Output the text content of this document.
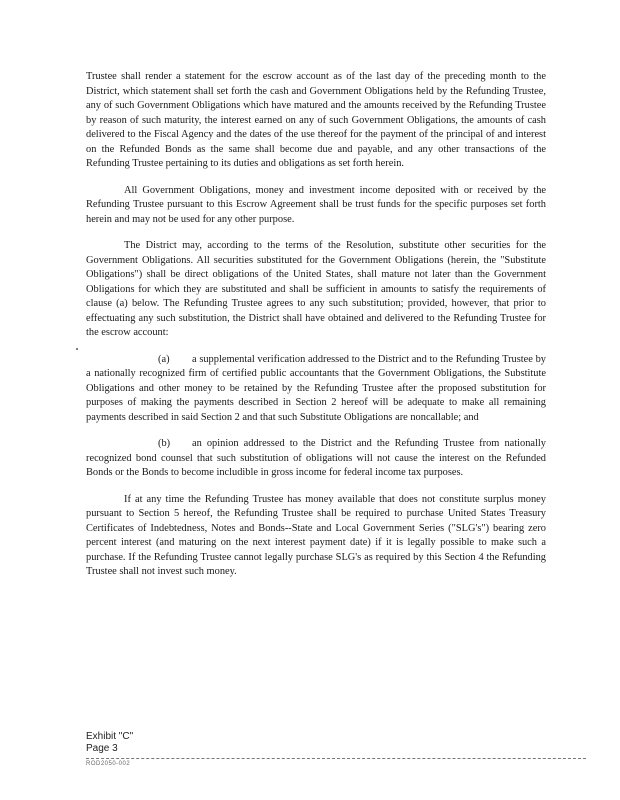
Trustee shall render a statement for the escrow account as of the last day of the preceding month to the District, which statement shall set forth the cash and Government Obligations held by the Refunding Trustee, any of such Government Obligations which have matured and the amounts received by the Refunding Trustee by reason of such maturity, the interest earned on any of such Government Obligations, the amounts of cash delivered to the Fiscal Agency and the dates of the use thereof for the payment of the principal of and interest on the Refunded Bonds as the same shall become due and payable, and any other transactions of the Refunding Trustee pertaining to its duties and obligations as set forth herein.

All Government Obligations, money and investment income deposited with or received by the Refunding Trustee pursuant to this Escrow Agreement shall be trust funds for the specific purposes set forth herein and may not be used for any other purpose.

The District may, according to the terms of the Resolution, substitute other securities for the Government Obligations. All securities substituted for the Government Obligations (herein, the "Substitute Obligations") shall be direct obligations of the United States, shall mature not later than the Government Obligations for which they are substituted and shall be sufficient in amounts to satisfy the requirements of clause (a) below. The Refunding Trustee agrees to any such substitution; provided, however, that prior to effectuating any such substitution, the District shall have obtained and delivered to the Refunding Trustee for the escrow account:

(a) a supplemental verification addressed to the District and to the Refunding Trustee by a nationally recognized firm of certified public accountants that the Government Obligations, the Substitute Obligations and other money to be retained by the Refunding Trustee after the proposed substitution for purposes of making the payments described in Section 2 hereof will be adequate to make all remaining payments described in said Section 2 and that such Substitute Obligations are noncallable; and

(b) an opinion addressed to the District and the Refunding Trustee from nationally recognized bond counsel that such substitution of obligations will not cause the interest on the Refunded Bonds or the Bonds to become includible in gross income for federal income tax purposes.

If at any time the Refunding Trustee has money available that does not constitute surplus money pursuant to Section 5 hereof, the Refunding Trustee shall be required to purchase United States Treasury Certificates of Indebtedness, Notes and Bonds--State and Local Government Series ("SLG's") bearing zero percent interest (and maturing on the next interest payment date) if it is legally possible to make such a purchase. If the Refunding Trustee cannot legally purchase SLG's as required by this Section 4 the Refunding Trustee shall not invest such money.

Exhibit "C"
Page 3
ROD2050-002
